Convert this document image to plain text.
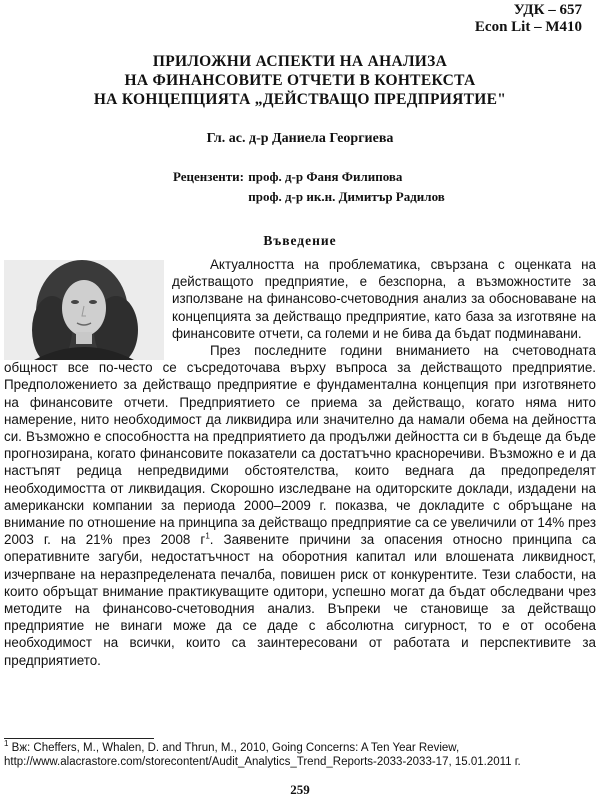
УДК – 657
Econ Lit – M410
ПРИЛОЖНИ АСПЕКТИ НА АНАЛИЗА
НА ФИНАНСОВИТЕ ОТЧЕТИ В КОНТЕКСТА
НА КОНЦЕПЦИЯТА „ДЕЙСТВАЩО ПРЕДПРИЯТИЕ"
Гл. ас. д-р Даниела Георгиева
Рецензенти: проф. д-р Фаня Филипова
проф. д-р ик.н. Димитър Радилов
Въведение

Актуалността на проблематика, свързана с оценката на действащото предприятие, е безспорна, а възможностите за използване на финансово-счетоводния анализ за обосноваване на концепцията за действащо предприятие, като база за изготвяне на финансовите отчети, са големи и не бива да бъдат подминавани.

През последните години вниманието на счетоводната общност все по-често се съсредоточава върху въпроса за действащото предприятие. Предположението за действащо предприятие е фундаментална концепция при изготвянето на финансовите отчети. Предприятието се приема за действащо, когато няма нито намерение, нито необходимост да ликвидира или значително да намали обема на дейността си. Възможно е способността на предприятието да продължи дейността си в бъдеще да бъде прогнозирана, когато финансовите показатели са достатъчно красноречиви. Възможно е и да настъпят редица непредвидими обстоятелства, които веднага да предопределят необходимостта от ликвидация. Скорошно изследване на одиторските доклади, издадени на американски компании за периода 2000–2009 г. показва, че докладите с обръщане на внимание по отношение на принципа за действащо предприятие са се увеличили от 14% през 2003 г. на 21% през 2008 $г^1$. Заявените причини за опасения относно принципа са оперативните загуби, недостатъчност на оборотния капитал или влошената ликвидност, изчерпване на неразпределената печалба, повишен риск от конкурентите. Тези слабости, на които обръщат внимание практикуващите одитори, успешно могат да бъдат обследвани чрез методите на финансово-счетоводния анализ. Въпреки че становище за действащо предприятие не винаги може да се даде с абсолютна сигурност, то е от особена необходимост на всички, които са заинтересовани от работата и перспективите за предприятието.

$^1$ Вж: Cheffers, M., Whalen, D. and Thrun, M., 2010, Going Concerns: A Ten Year Review, http://www.alacrastore.com/storecontent/Audit_Analytics_Trend_Reports-2033-2033-17, 15.01.2011 г.
259
